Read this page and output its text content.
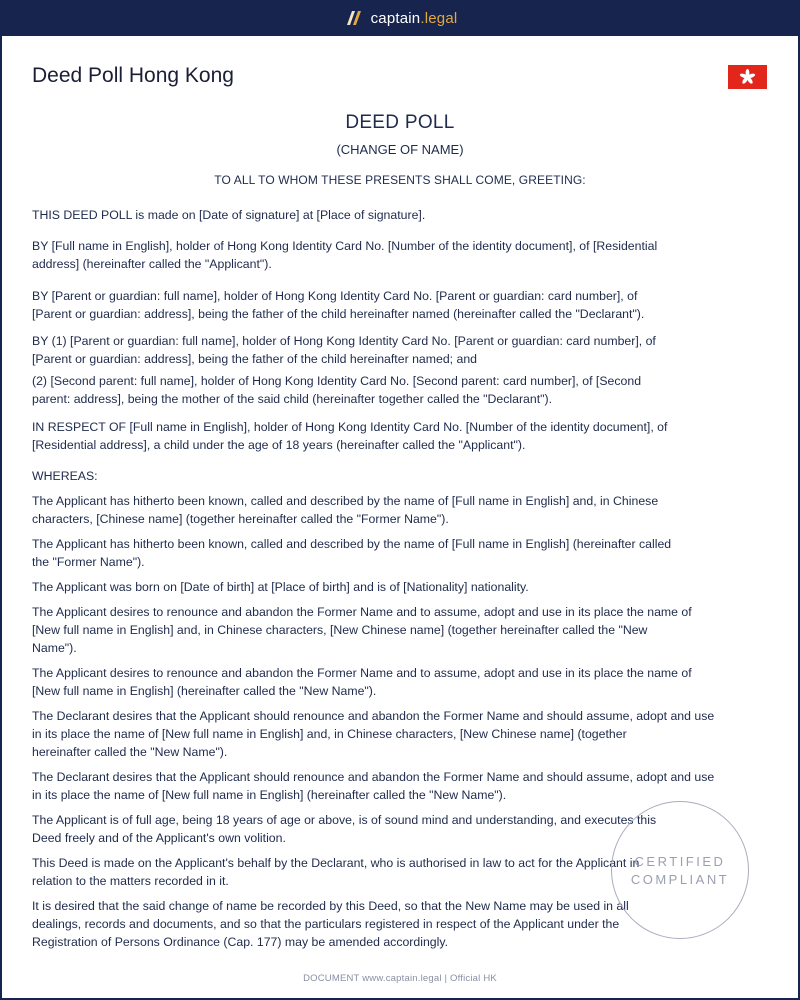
captain.legal
Deed Poll Hong Kong
DEED POLL
(CHANGE OF NAME)
TO ALL TO WHOM THESE PRESENTS SHALL COME, GREETING:
THIS DEED POLL is made on [Date of signature] at [Place of signature].
BY [Full name in English], holder of Hong Kong Identity Card No. [Number of the identity document], of [Residential
address] (hereinafter called the "Applicant").
BY [Parent or guardian: full name], holder of Hong Kong Identity Card No. [Parent or guardian: card number], of
[Parent or guardian: address], being the father of the child hereinafter named (hereinafter called the "Declarant").
BY (1) [Parent or guardian: full name], holder of Hong Kong Identity Card No. [Parent or guardian: card number], of
[Parent or guardian: address], being the father of the child hereinafter named; and
(2) [Second parent: full name], holder of Hong Kong Identity Card No. [Second parent: card number], of [Second
parent: address], being the mother of the said child (hereinafter together called the "Declarant").
IN RESPECT OF [Full name in English], holder of Hong Kong Identity Card No. [Number of the identity document], of
[Residential address], a child under the age of 18 years (hereinafter called the "Applicant").
WHEREAS:
The Applicant has hitherto been known, called and described by the name of [Full name in English] and, in Chinese
characters, [Chinese name] (together hereinafter called the "Former Name").
The Applicant has hitherto been known, called and described by the name of [Full name in English] (hereinafter called
the "Former Name").
The Applicant was born on [Date of birth] at [Place of birth] and is of [Nationality] nationality.
The Applicant desires to renounce and abandon the Former Name and to assume, adopt and use in its place the name of
[New full name in English] and, in Chinese characters, [New Chinese name] (together hereinafter called the "New
Name").
The Applicant desires to renounce and abandon the Former Name and to assume, adopt and use in its place the name of
[New full name in English] (hereinafter called the "New Name").
The Declarant desires that the Applicant should renounce and abandon the Former Name and should assume, adopt and use
in its place the name of [New full name in English] and, in Chinese characters, [New Chinese name] (together
hereinafter called the "New Name").
The Declarant desires that the Applicant should renounce and abandon the Former Name and should assume, adopt and use
in its place the name of [New full name in English] (hereinafter called the "New Name").
The Applicant is of full age, being 18 years of age or above, is of sound mind and understanding, and executes this
Deed freely and of the Applicant's own volition.
This Deed is made on the Applicant's behalf by the Declarant, who is authorised in law to act for the Applicant in
relation to the matters recorded in it.
It is desired that the said change of name be recorded by this Deed, so that the New Name may be used in all
dealings, records and documents, and so that the particulars registered in respect of the Applicant under the
Registration of Persons Ordinance (Cap. 177) may be amended accordingly.
CERTIFIED
COMPLIANT
DOCUMENT www.captain.legal | Official HK
